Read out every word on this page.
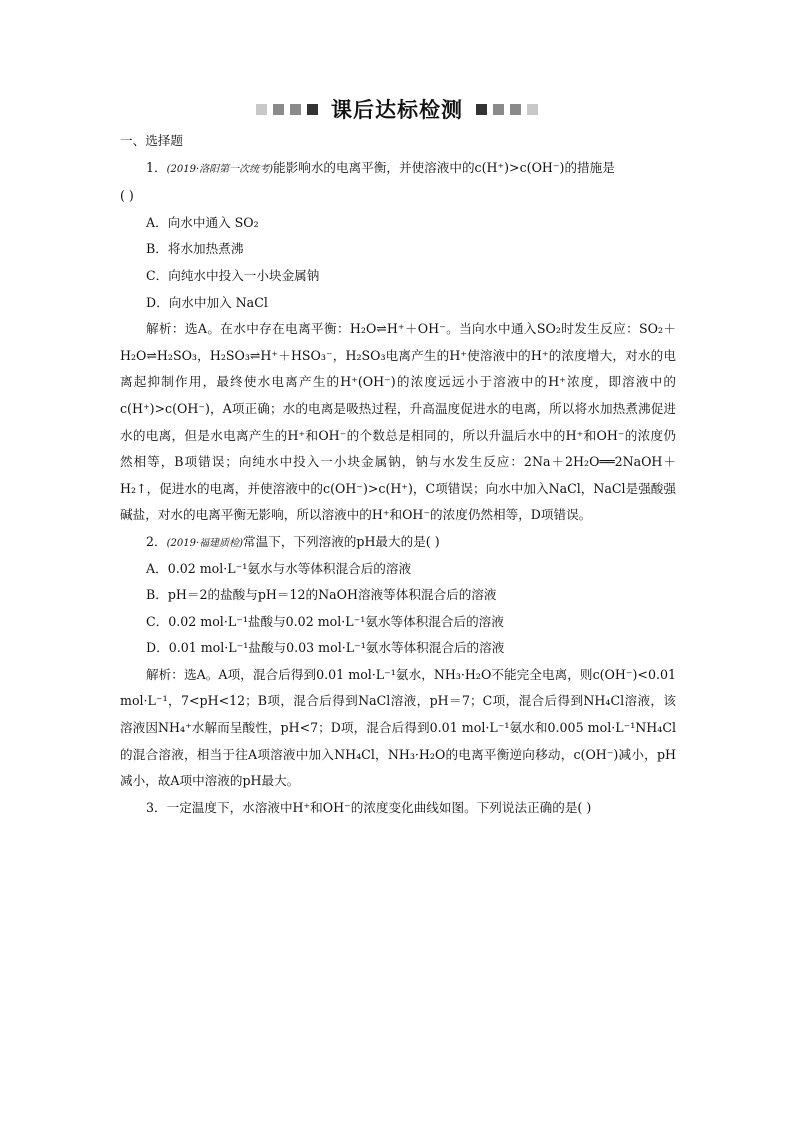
课后达标检测
一、选择题
1．(2019·洛阳第一次统考)能影响水的电离平衡，并使溶液中的c(H⁺)>c(OH⁻)的措施是
( )
A．向水中通入 SO₂
B．将水加热煮沸
C．向纯水中投入一小块金属钠
D．向水中加入 NaCl
解析：选A。在水中存在电离平衡：H₂O⇌H⁺＋OH⁻。当向水中通入SO₂时发生反应：SO₂＋H₂O⇌H₂SO₃，H₂SO₃⇌H⁺＋HSO₃⁻，H₂SO₃电离产生的H⁺使溶液中的H⁺的浓度增大，对水的电离起抑制作用，最终使水电离产生的H⁺(OH⁻)的浓度远远小于溶液中的H⁺浓度，即溶液中的c(H⁺)>c(OH⁻)，A项正确；水的电离是吸热过程，升高温度促进水的电离，所以将水加热煮沸促进水的电离，但是水电离产生的H⁺和OH⁻的个数总是相同的，所以升温后水中的H⁺和OH⁻的浓度仍然相等，B项错误；向纯水中投入一小块金属钠，钠与水发生反应：2Na＋2H₂O══2NaOH＋H₂↑，促进水的电离，并使溶液中的c(OH⁻)>c(H⁺)，C项错误；向水中加入NaCl，NaCl是强酸强碱盐，对水的电离平衡无影响，所以溶液中的H⁺和OH⁻的浓度仍然相等，D项错误。
2．(2019·福建质检)常温下，下列溶液的pH最大的是( )
A．0.02 mol·L⁻¹氨水与水等体积混合后的溶液
B．pH＝2的盐酸与pH＝12的NaOH溶液等体积混合后的溶液
C．0.02 mol·L⁻¹盐酸与0.02 mol·L⁻¹氨水等体积混合后的溶液
D．0.01 mol·L⁻¹盐酸与0.03 mol·L⁻¹氨水等体积混合后的溶液
解析：选A。A项，混合后得到0.01 mol·L⁻¹氨水，NH₃·H₂O不能完全电离，则c(OH⁻)<0.01 mol·L⁻¹，7<pH<12；B项，混合后得到NaCl溶液，pH＝7；C项，混合后得到NH₄Cl溶液，该溶液因NH₄⁺水解而呈酸性，pH<7；D项，混合后得到0.01 mol·L⁻¹氨水和0.005 mol·L⁻¹NH₄Cl的混合溶液，相当于往A项溶液中加入NH₄Cl，NH₃·H₂O的电离平衡逆向移动，c(OH⁻)减小，pH减小，故A项中溶液的pH最大。
3．一定温度下，水溶液中H⁺和OH⁻的浓度变化曲线如图。下列说法正确的是( )
